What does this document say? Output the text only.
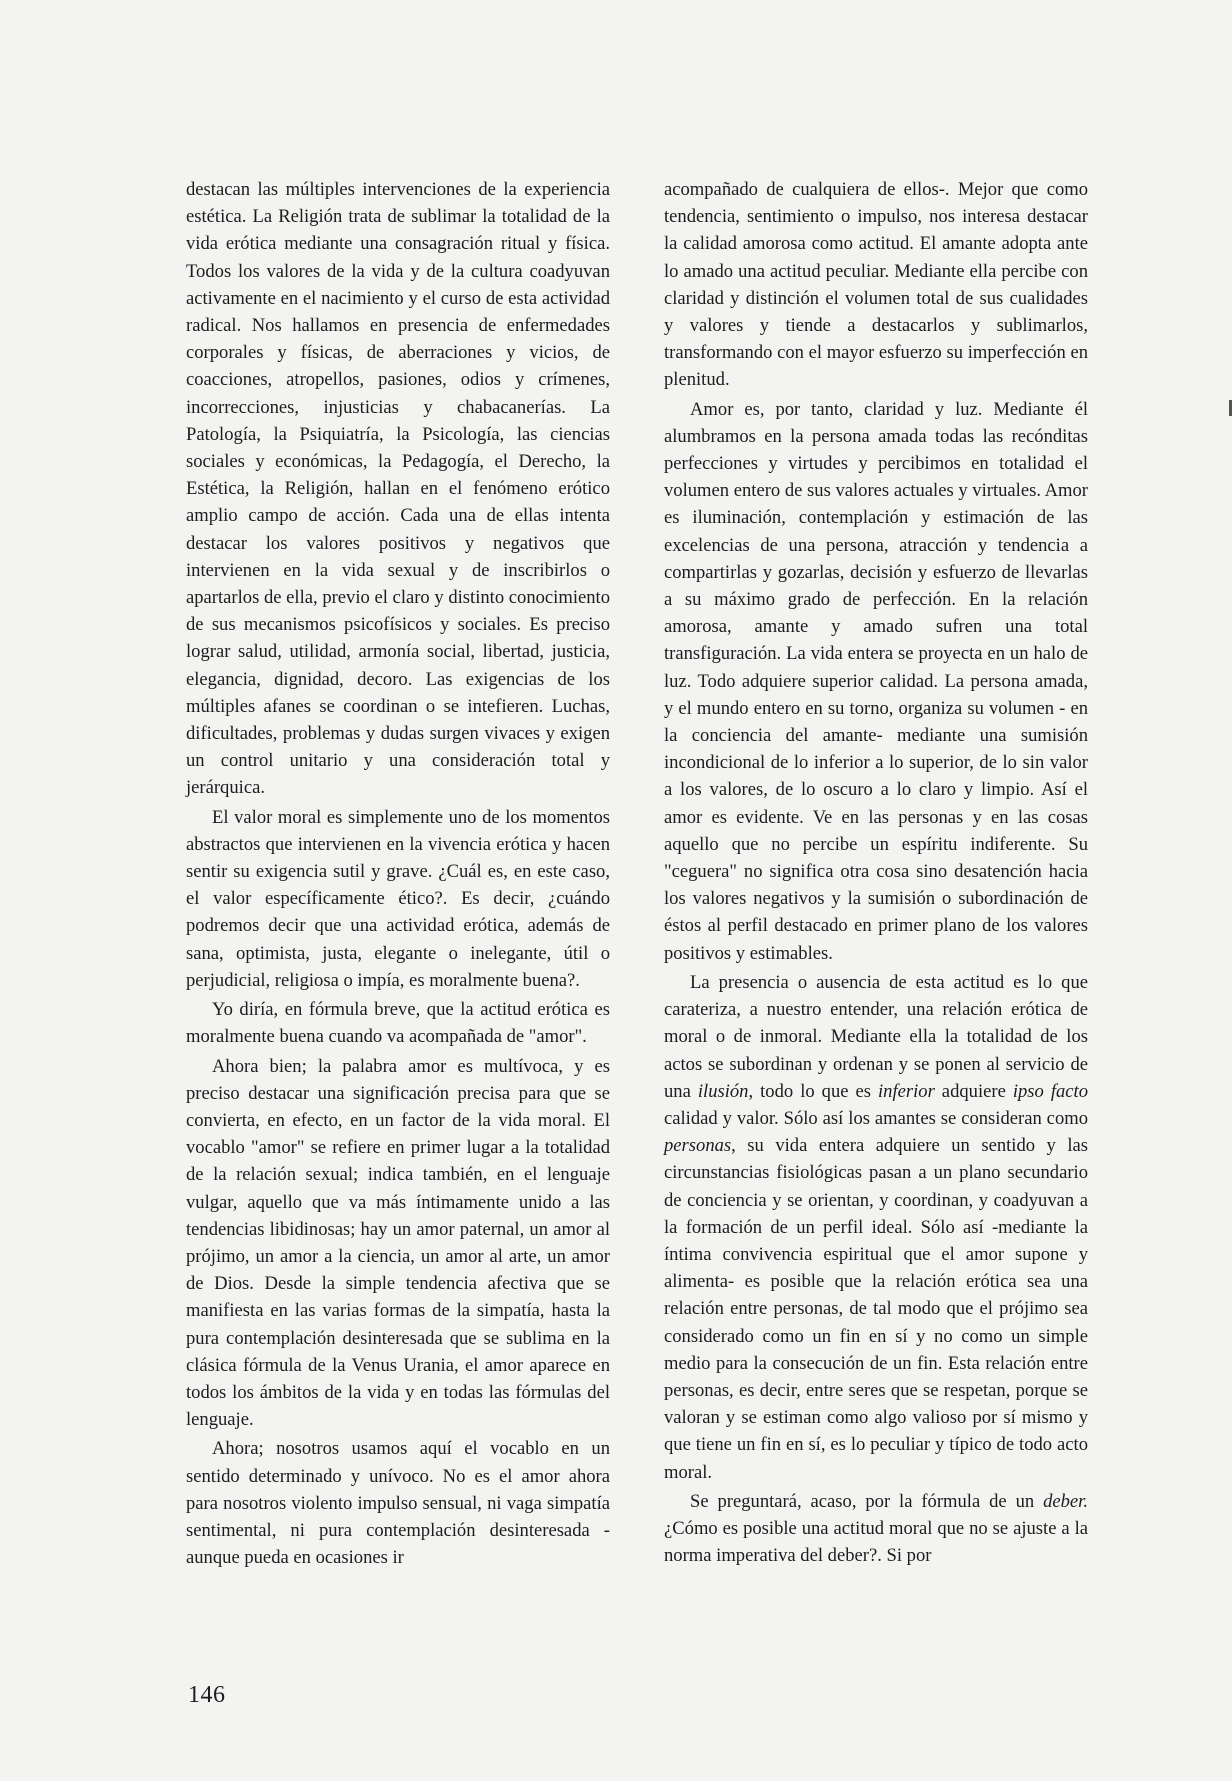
destacan las múltiples intervenciones de la experiencia estética. La Religión trata de sublimar la totalidad de la vida erótica mediante una consagración ritual y física. Todos los valores de la vida y de la cultura coadyuvan activamente en el nacimiento y el curso de esta actividad radical. Nos hallamos en presencia de enfermedades corporales y físicas, de aberraciones y vicios, de coacciones, atropellos, pasiones, odios y crímenes, incorrecciones, injusticias y chabacanerías. La Patología, la Psiquiatría, la Psicología, las ciencias sociales y económicas, la Pedagogía, el Derecho, la Estética, la Religión, hallan en el fenómeno erótico amplio campo de acción. Cada una de ellas intenta destacar los valores positivos y negativos que intervienen en la vida sexual y de inscribirlos o apartarlos de ella, previo el claro y distinto conocimiento de sus mecanismos psicofísicos y sociales. Es preciso lograr salud, utilidad, armonía social, libertad, justicia, elegancia, dignidad, decoro. Las exigencias de los múltiples afanes se coordinan o se intefieren. Luchas, dificultades, problemas y dudas surgen vivaces y exigen un control unitario y una consideración total y jerárquica.

El valor moral es simplemente uno de los momentos abstractos que intervienen en la vivencia erótica y hacen sentir su exigencia sutil y grave. ¿Cuál es, en este caso, el valor específicamente ético?. Es decir, ¿cuándo podremos decir que una actividad erótica, además de sana, optimista, justa, elegante o inelegante, útil o perjudicial, religiosa o impía, es moralmente buena?.

Yo diría, en fórmula breve, que la actitud erótica es moralmente buena cuando va acompañada de "amor".

Ahora bien; la palabra amor es multívoca, y es preciso destacar una significación precisa para que se convierta, en efecto, en un factor de la vida moral. El vocablo "amor" se refiere en primer lugar a la totalidad de la relación sexual; indica también, en el lenguaje vulgar, aquello que va más íntimamente unido a las tendencias libidinosas; hay un amor paternal, un amor al prójimo, un amor a la ciencia, un amor al arte, un amor de Dios. Desde la simple tendencia afectiva que se manifiesta en las varias formas de la simpatía, hasta la pura contemplación desinteresada que se sublima en la clásica fórmula de la Venus Urania, el amor aparece en todos los ámbitos de la vida y en todas las fórmulas del lenguaje.

Ahora; nosotros usamos aquí el vocablo en un sentido determinado y unívoco. No es el amor ahora para nosotros violento impulso sensual, ni vaga simpatía sentimental, ni pura contemplación desinteresada -aunque pueda en ocasiones ir

acompañado de cualquiera de ellos-. Mejor que como tendencia, sentimiento o impulso, nos interesa destacar la calidad amorosa como actitud. El amante adopta ante lo amado una actitud peculiar. Mediante ella percibe con claridad y distinción el volumen total de sus cualidades y valores y tiende a destacarlos y sublimarlos, transformando con el mayor esfuerzo su imperfección en plenitud.

Amor es, por tanto, claridad y luz. Mediante él alumbramos en la persona amada todas las recónditas perfecciones y virtudes y percibimos en totalidad el volumen entero de sus valores actuales y virtuales. Amor es iluminación, contemplación y estimación de las excelencias de una persona, atracción y tendencia a compartirlas y gozarlas, decisión y esfuerzo de llevarlas a su máximo grado de perfección. En la relación amorosa, amante y amado sufren una total transfiguración. La vida entera se proyecta en un halo de luz. Todo adquiere superior calidad. La persona amada, y el mundo entero en su torno, organiza su volumen - en la conciencia del amante- mediante una sumisión incondicional de lo inferior a lo superior, de lo sin valor a los valores, de lo oscuro a lo claro y limpio. Así el amor es evidente. Ve en las personas y en las cosas aquello que no percibe un espíritu indiferente. Su "ceguera" no significa otra cosa sino desatención hacia los valores negativos y la sumisión o subordinación de éstos al perfil destacado en primer plano de los valores positivos y estimables.

La presencia o ausencia de esta actitud es lo que carateriza, a nuestro entender, una relación erótica de moral o de inmoral. Mediante ella la totalidad de los actos se subordinan y ordenan y se ponen al servicio de una ilusión, todo lo que es inferior adquiere ipso facto calidad y valor. Sólo así los amantes se consideran como personas, su vida entera adquiere un sentido y las circunstancias fisiológicas pasan a un plano secundario de conciencia y se orientan, y coordinan, y coadyuvan a la formación de un perfil ideal. Sólo así -mediante la íntima convivencia espiritual que el amor supone y alimenta- es posible que la relación erótica sea una relación entre personas, de tal modo que el prójimo sea considerado como un fin en sí y no como un simple medio para la consecución de un fin. Esta relación entre personas, es decir, entre seres que se respetan, porque se valoran y se estiman como algo valioso por sí mismo y que tiene un fin en sí, es lo peculiar y típico de todo acto moral.

Se preguntará, acaso, por la fórmula de un deber. ¿Cómo es posible una actitud moral que no se ajuste a la norma imperativa del deber?. Si por

146
